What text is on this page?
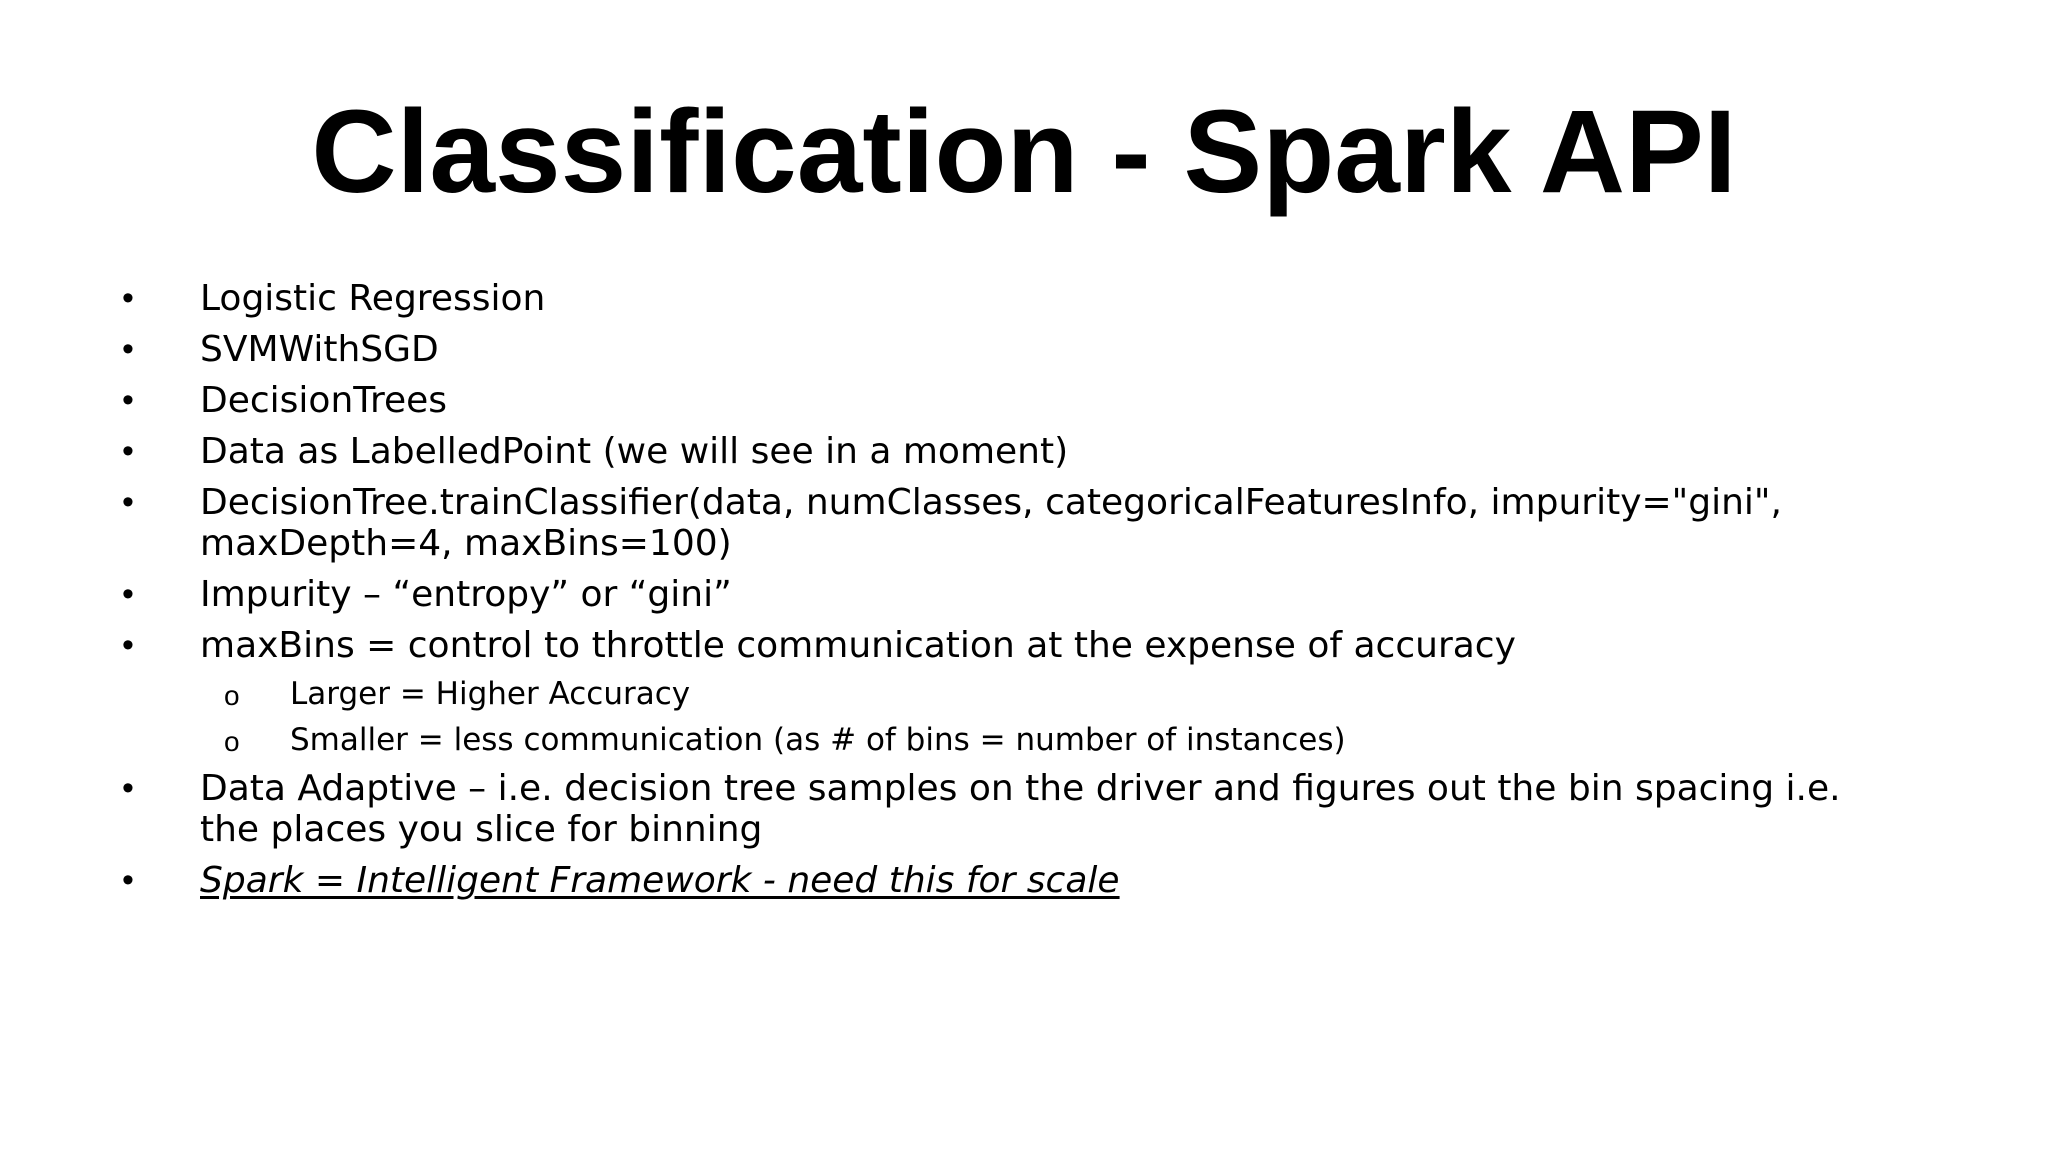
Classification - Spark API
• Logistic Regression
• SVMWithSGD
• DecisionTrees
• Data as LabelledPoint (we will see in a moment)
• DecisionTree.trainClassifier(data, numClasses, categoricalFeaturesInfo, impurity="gini", maxDepth=4, maxBins=100)
• Impurity – “entropy” or “gini”
• maxBins = control to throttle communication at the expense of accuracy
o Larger = Higher Accuracy
o Smaller = less communication (as # of bins = number of instances)
• Data Adaptive – i.e. decision tree samples on the driver and figures out the bin spacing i.e. the places you slice for binning
• Spark = Intelligent Framework - need this for scale
